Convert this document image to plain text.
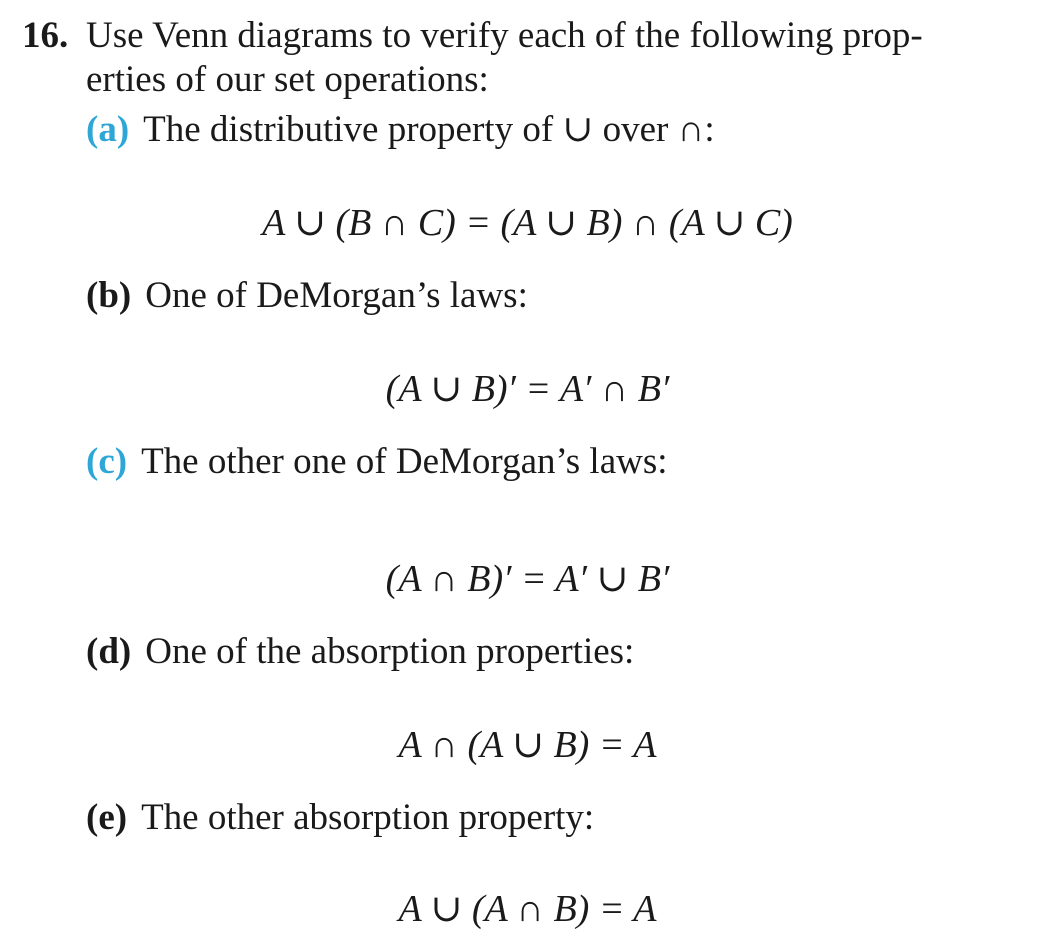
16. Use Venn diagrams to verify each of the following prop-
erties of our set operations:
(a) The distributive property of ∪ over ∩:
A ∪ (B ∩ C) = (A ∪ B) ∩ (A ∪ C)
(b) One of DeMorgan’s laws:
(A ∪ B)′ = A′ ∩ B′
(c) The other one of DeMorgan’s laws:
(A ∩ B)′ = A′ ∪ B′
(d) One of the absorption properties:
A ∩ (A ∪ B) = A
(e) The other absorption property:
A ∪ (A ∩ B) = A
